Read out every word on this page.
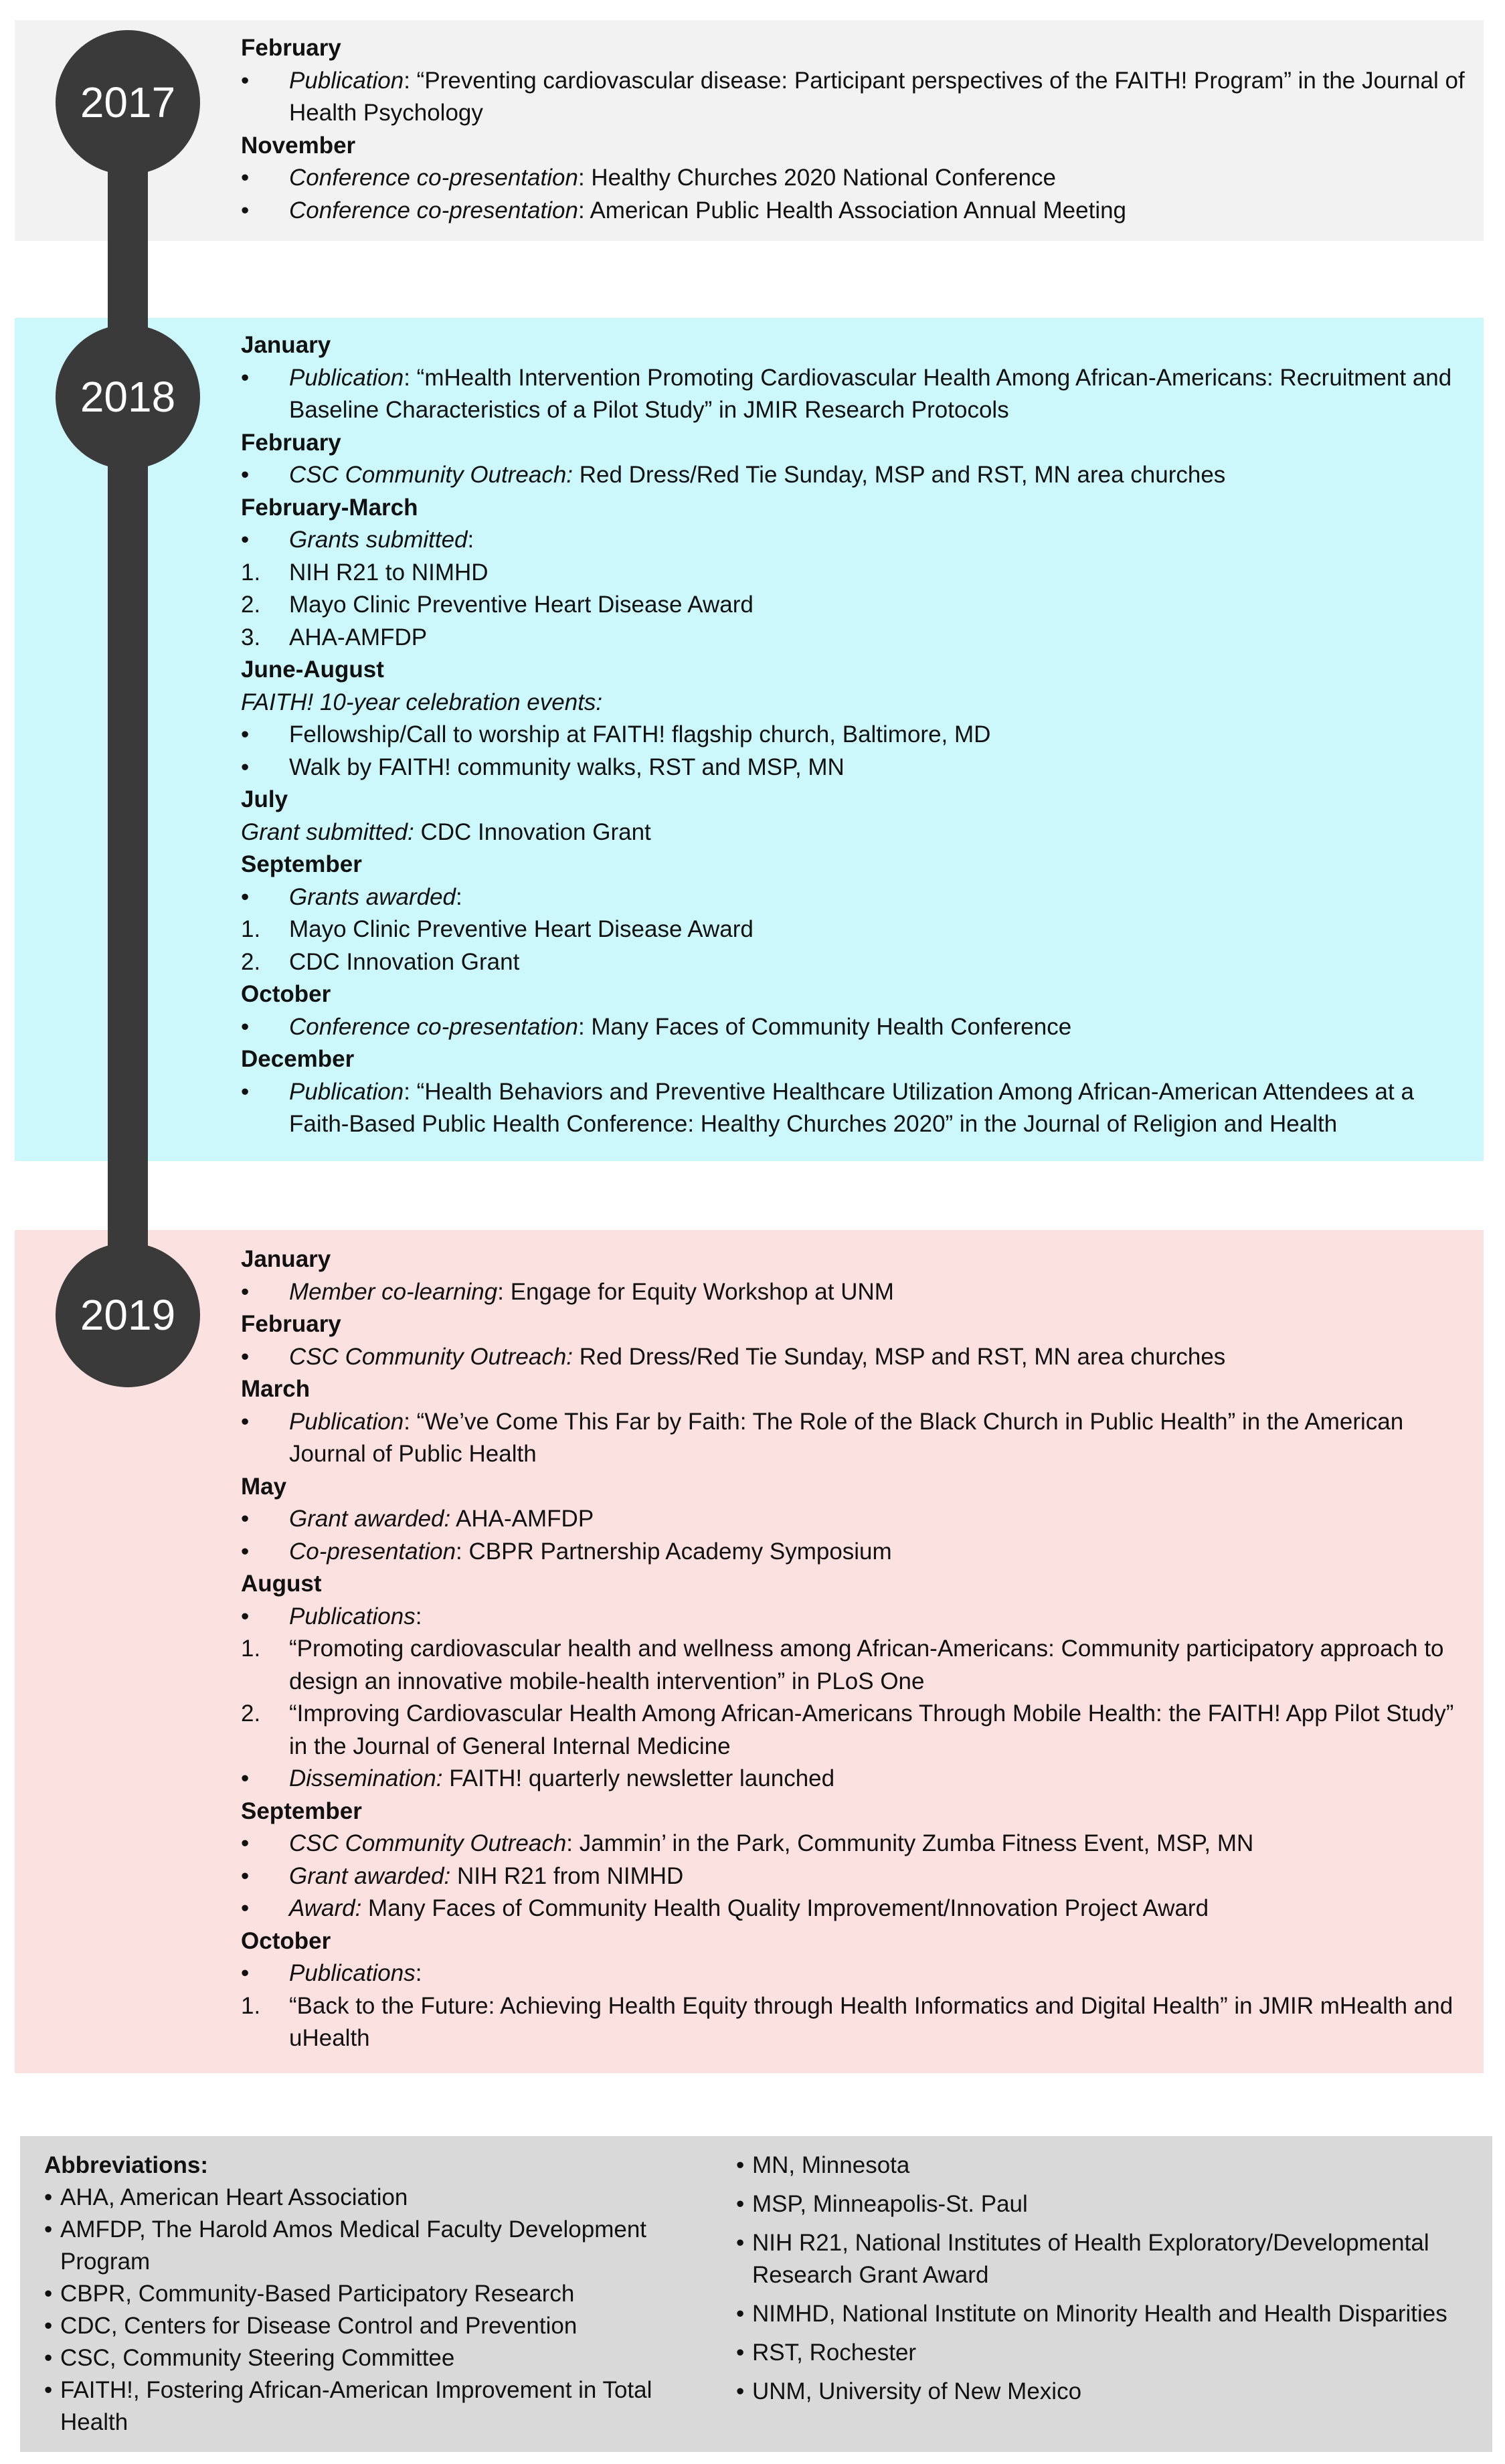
2017
2018
2019
February
•	Publication: “Preventing cardiovascular disease: Participant perspectives of the FAITH! Program” in the Journal of Health Psychology
November
•	Conference co-presentation: Healthy Churches 2020 National Conference
•	Conference co-presentation: American Public Health Association Annual Meeting
January
•	Publication: “mHealth Intervention Promoting Cardiovascular Health Among African-Americans: Recruitment and Baseline Characteristics of a Pilot Study” in JMIR Research Protocols
February
•	CSC Community Outreach: Red Dress/Red Tie Sunday, MSP and RST, MN area churches
February-March
•	Grants submitted:
1.	NIH R21 to NIMHD
2.	Mayo Clinic Preventive Heart Disease Award
3.	AHA-AMFDP
June-August
FAITH! 10-year celebration events:
•	Fellowship/Call to worship at FAITH! flagship church, Baltimore, MD
•	Walk by FAITH! community walks, RST and MSP, MN
July
Grant submitted: CDC Innovation Grant
September
•	Grants awarded:
1.	Mayo Clinic Preventive Heart Disease Award
2.	CDC Innovation Grant
October
•	Conference co-presentation: Many Faces of Community Health Conference
December
•	Publication: “Health Behaviors and Preventive Healthcare Utilization Among African-American Attendees at a Faith-Based Public Health Conference: Healthy Churches 2020” in the Journal of Religion and Health
January
•	Member co-learning: Engage for Equity Workshop at UNM
February
•	CSC Community Outreach: Red Dress/Red Tie Sunday, MSP and RST, MN area churches
March
•	Publication: “We’ve Come This Far by Faith: The Role of the Black Church in Public Health” in the American Journal of Public Health
May
•	Grant awarded: AHA-AMFDP
•	Co-presentation: CBPR Partnership Academy Symposium
August
•	Publications:
1.	“Promoting cardiovascular health and wellness among African-Americans: Community participatory approach to design an innovative mobile-health intervention” in PLoS One
2.	“Improving Cardiovascular Health Among African-Americans Through Mobile Health: the FAITH! App Pilot Study” in the Journal of General Internal Medicine
•	Dissemination: FAITH! quarterly newsletter launched
September
•	CSC Community Outreach: Jammin’ in the Park, Community Zumba Fitness Event, MSP, MN
•	Grant awarded: NIH R21 from NIMHD
•	Award: Many Faces of Community Health Quality Improvement/Innovation Project Award
October
•	Publications:
1.	“Back to the Future: Achieving Health Equity through Health Informatics and Digital Health” in JMIR mHealth and uHealth
Abbreviations:
• AHA, American Heart Association
• AMFDP, The Harold Amos Medical Faculty Development Program
• CBPR, Community-Based Participatory Research
• CDC, Centers for Disease Control and Prevention
• CSC, Community Steering Committee
• FAITH!, Fostering African-American Improvement in Total Health
• MN, Minnesota
• MSP, Minneapolis-St. Paul
• NIH R21, National Institutes of Health Exploratory/Developmental Research Grant Award
• NIMHD, National Institute on Minority Health and Health Disparities
• RST, Rochester
• UNM, University of New Mexico
